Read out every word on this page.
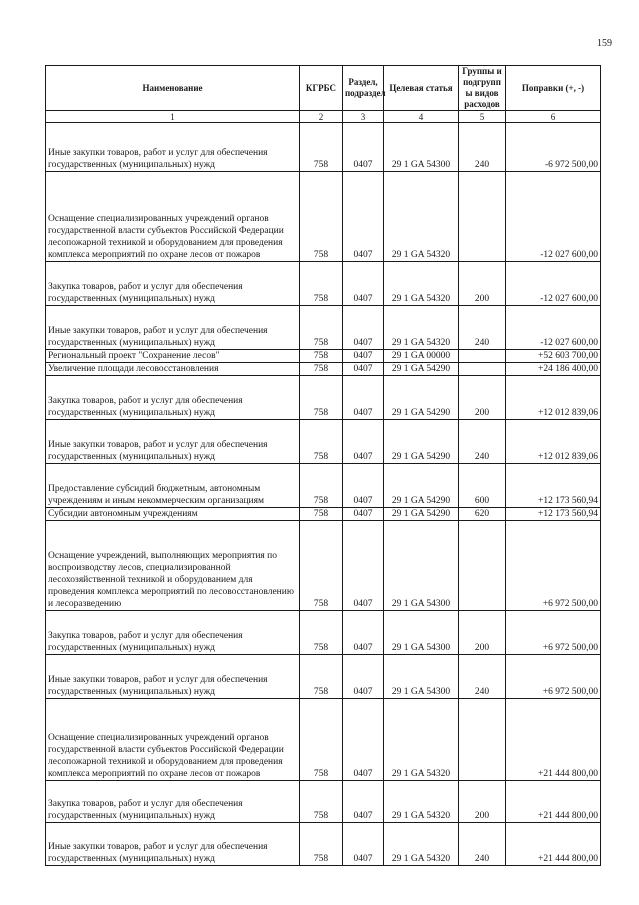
159
Наименование	КГРБС	Раздел, подраздел	Целевая статья	Группы и подгрупп ы видов расходов	Поправки (+, -)
1	2	3	4	5	6
Иные закупки товаров, работ и услуг для обеспечения государственных (муниципальных) нужд	758	0407	29 1 GA 54300	240	-6 972 500,00
Оснащение специализированных учреждений органов государственной власти субъектов Российской Федерации лесопожарной техникой и оборудованием для проведения комплекса мероприятий по охране лесов от пожаров	758	0407	29 1 GA 54320		-12 027 600,00
Закупка товаров, работ и услуг для обеспечения государственных (муниципальных) нужд	758	0407	29 1 GA 54320	200	-12 027 600,00
Иные закупки товаров, работ и услуг для обеспечения государственных (муниципальных) нужд	758	0407	29 1 GA 54320	240	-12 027 600,00
Региональный проект "Сохранение лесов"	758	0407	29 1 GA 00000		+52 603 700,00
Увеличение площади лесовосстановления	758	0407	29 1 GA 54290		+24 186 400,00
Закупка товаров, работ и услуг для обеспечения государственных (муниципальных) нужд	758	0407	29 1 GA 54290	200	+12 012 839,06
Иные закупки товаров, работ и услуг для обеспечения государственных (муниципальных) нужд	758	0407	29 1 GA 54290	240	+12 012 839,06
Предоставление субсидий бюджетным, автономным учреждениям и иным некоммерческим организациям	758	0407	29 1 GA 54290	600	+12 173 560,94
Субсидии автономным учреждениям	758	0407	29 1 GA 54290	620	+12 173 560,94
Оснащение учреждений, выполняющих мероприятия по воспроизводству лесов, специализированной лесохозяйственной техникой и оборудованием для проведения комплекса мероприятий по лесовосстановлению и лесоразведению	758	0407	29 1 GA 54300		+6 972 500,00
Закупка товаров, работ и услуг для обеспечения государственных (муниципальных) нужд	758	0407	29 1 GA 54300	200	+6 972 500,00
Иные закупки товаров, работ и услуг для обеспечения государственных (муниципальных) нужд	758	0407	29 1 GA 54300	240	+6 972 500,00
Оснащение специализированных учреждений органов государственной власти субъектов Российской Федерации лесопожарной техникой и оборудованием для проведения комплекса мероприятий по охране лесов от пожаров	758	0407	29 1 GA 54320		+21 444 800,00
Закупка товаров, работ и услуг для обеспечения государственных (муниципальных) нужд	758	0407	29 1 GA 54320	200	+21 444 800,00
Иные закупки товаров, работ и услуг для обеспечения государственных (муниципальных) нужд	758	0407	29 1 GA 54320	240	+21 444 800,00
